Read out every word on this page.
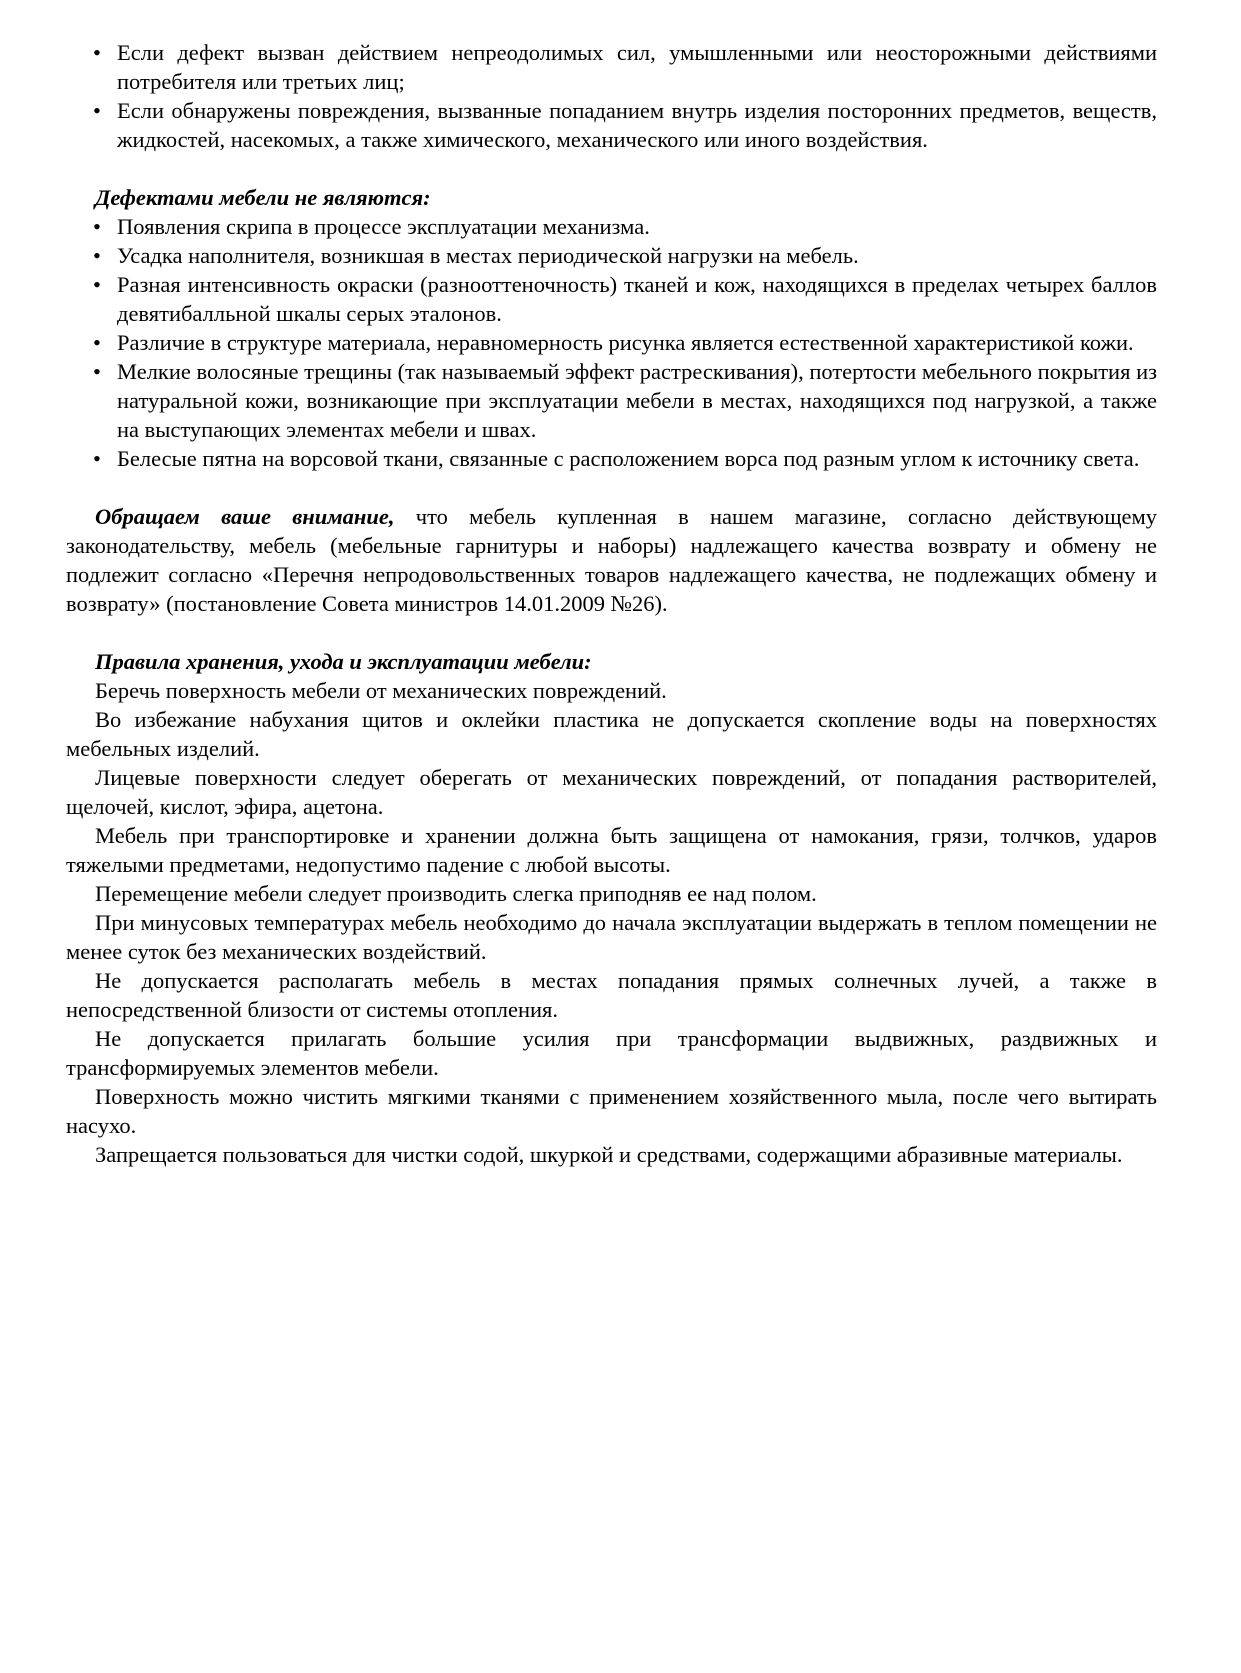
• Если дефект вызван действием непреодолимых сил, умышленными или неосторожными действиями потребителя или третьих лиц;
• Если обнаружены повреждения, вызванные попаданием внутрь изделия посторонних предметов, веществ, жидкостей, насекомых, а также химического, механического или иного воздействия.
Дефектами мебели не являются:
• Появления скрипа в процессе эксплуатации механизма.
• Усадка наполнителя, возникшая в местах периодической нагрузки на мебель.
• Разная интенсивность окраски (разнооттеночность) тканей и кож, находящихся в пределах четырех баллов девятибалльной шкалы серых эталонов.
• Различие в структуре материала, неравномерность рисунка является естественной характеристикой кожи.
• Мелкие волосяные трещины (так называемый эффект растрескивания), потертости мебельного покрытия из натуральной кожи, возникающие при эксплуатации мебели в местах, находящихся под нагрузкой, а также на выступающих элементах мебели и швах.
• Белесые пятна на ворсовой ткани, связанные с расположением ворса под разным углом к источнику света.

Обращаем ваше внимание, что мебель купленная в нашем магазине, согласно действующему законодательству, мебель (мебельные гарнитуры и наборы) надлежащего качества возврату и обмену не подлежит согласно «Перечня непродовольственных товаров надлежащего качества, не подлежащих обмену и возврату» (постановление Совета министров 14.01.2009 №26).

Правила хранения, ухода и эксплуатации мебели:

Беречь поверхность мебели от механических повреждений.

Во избежание набухания щитов и оклейки пластика не допускается скопление воды на поверхностях мебельных изделий.

Лицевые поверхности следует оберегать от механических повреждений, от попадания растворителей, щелочей, кислот, эфира, ацетона.

Мебель при транспортировке и хранении должна быть защищена от намокания, грязи, толчков, ударов тяжелыми предметами, недопустимо падение с любой высоты.

Перемещение мебели следует производить слегка приподняв ее над полом.

При минусовых температурах мебель необходимо до начала эксплуатации выдержать в теплом помещении не менее суток без механических воздействий.

Не допускается располагать мебель в местах попадания прямых солнечных лучей, а также в непосредственной близости от системы отопления.

Не допускается прилагать большие усилия при трансформации выдвижных, раздвижных и трансформируемых элементов мебели.

Поверхность можно чистить мягкими тканями с применением хозяйственного мыла, после чего вытирать насухо.

Запрещается пользоваться для чистки содой, шкуркой и средствами, содержащими абразивные материалы.
